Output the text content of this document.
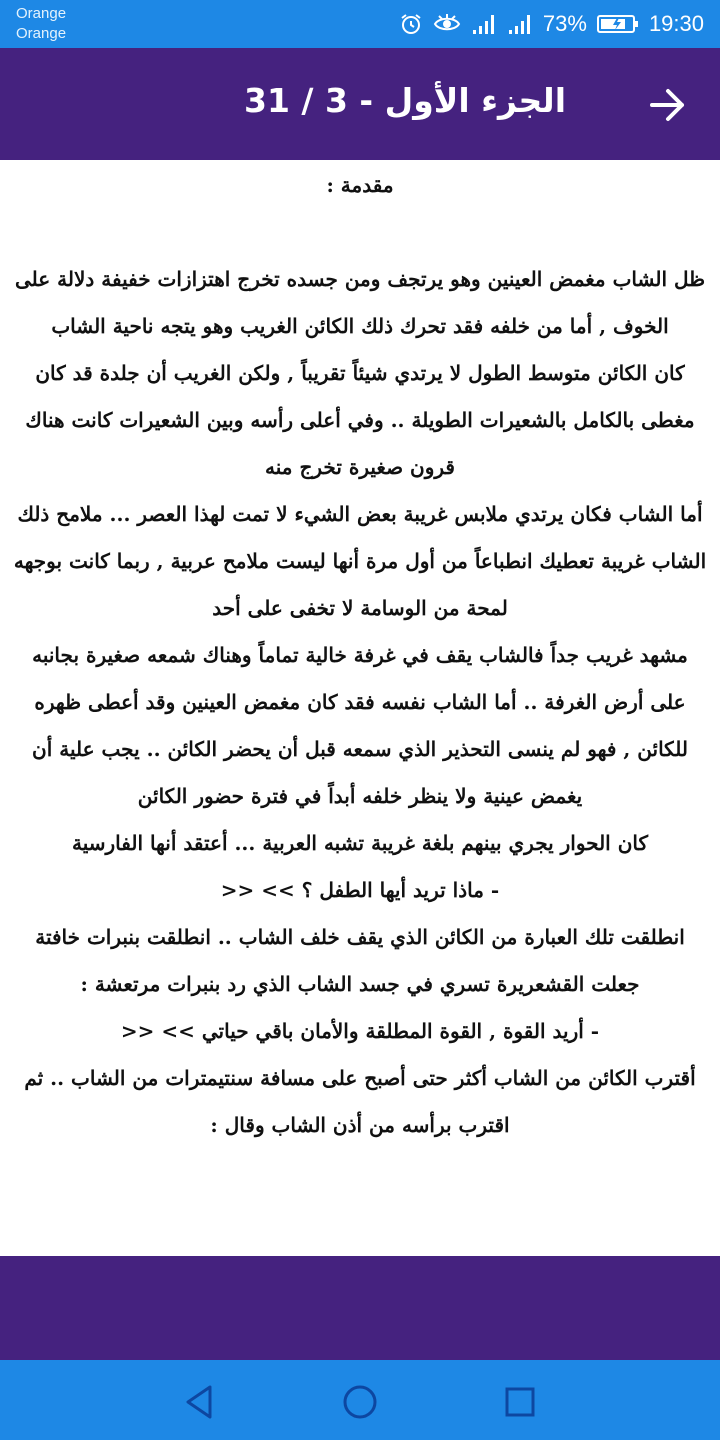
Orange
Orange	73%	19:30
الجزء الأول - 3 / 31

مقدمة :

ظل الشاب مغمض العينين وهو يرتجف ومن جسده تخرج اهتزازات خفيفة دلالة على الخوف , أما من خلفه فقد تحرك ذلك الكائن الغريب وهو يتجه ناحية الشاب

كان الكائن متوسط الطول لا يرتدي شيئاً تقريباً , ولكن الغريب أن جلدة قد كان مغطى بالكامل بالشعيرات الطويلة .. وفي أعلى رأسه وبين الشعيرات كانت هناك قرون صغيرة تخرج منه

أما الشاب فكان يرتدي ملابس غريبة بعض الشيء لا تمت لهذا العصر ... ملامح ذلك الشاب غريبة تعطيك انطباعاً من أول مرة أنها ليست ملامح عربية , ربما كانت بوجهه لمحة من الوسامة لا تخفى على أحد

مشهد غريب جداً فالشاب يقف في غرفة خالية تماماً وهناك شمعه صغيرة بجانبه على أرض الغرفة .. أما الشاب نفسه فقد كان مغمض العينين وقد أعطى ظهره للكائن , فهو لم ينسى التحذير الذي سمعه قبل أن يحضر الكائن .. يجب علية أن يغمض عينية ولا ينظر خلفه أبداً في فترة حضور الكائن

كان الحوار يجري بينهم بلغة غريبة تشبه العربية ... أعتقد أنها الفارسية

- ماذا تريد أيها الطفل ؟ >> <<

انطلقت تلك العبارة من الكائن الذي يقف خلف الشاب .. انطلقت بنبرات خافتة جعلت القشعريرة تسري في جسد الشاب الذي رد بنبرات مرتعشة :

- أريد القوة , القوة المطلقة والأمان باقي حياتي >> <<

أقترب الكائن من الشاب أكثر حتى أصبح على مسافة سنتيمترات من الشاب .. ثم اقترب برأسه من أذن الشاب وقال :
